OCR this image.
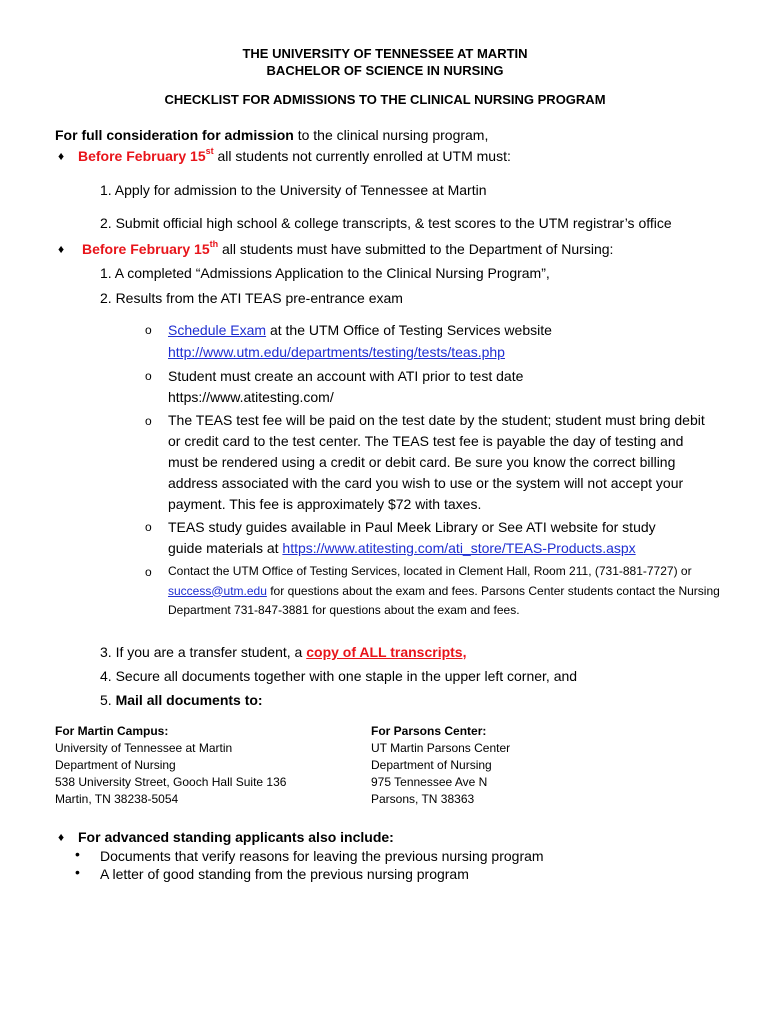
THE UNIVERSITY OF TENNESSEE AT MARTIN
BACHELOR OF SCIENCE IN NURSING
CHECKLIST FOR ADMISSIONS TO THE CLINICAL NURSING PROGRAM
For full consideration for admission to the clinical nursing program,
♦ Before February 15st all students not currently enrolled at UTM must:
1. Apply for admission to the University of Tennessee at Martin
2. Submit official high school & college transcripts, & test scores to the UTM registrar’s office
♦ Before February 15th all students must have submitted to the Department of Nursing:
1. A completed “Admissions Application to the Clinical Nursing Program”,
2. Results from the ATI TEAS pre-entrance exam
o Schedule Exam at the UTM Office of Testing Services website
http://www.utm.edu/departments/testing/tests/teas.php
o Student must create an account with ATI prior to test date
https://www.atitesting.com/
o The TEAS test fee will be paid on the test date by the student; student must bring debit or credit card to the test center. The TEAS test fee is payable the day of testing and must be rendered using a credit or debit card. Be sure you know the correct billing address associated with the card you wish to use or the system will not accept your payment. This fee is approximately $72 with taxes.
o TEAS study guides available in Paul Meek Library or See ATI website for study
guide materials at https://www.atitesting.com/ati_store/TEAS-Products.aspx
o Contact the UTM Office of Testing Services, located in Clement Hall, Room 211, (731-881-7727) or success@utm.edu for questions about the exam and fees. Parsons Center students contact the Nursing Department 731-847-3881 for questions about the exam and fees.
3. If you are a transfer student, a copy of ALL transcripts,
4. Secure all documents together with one staple in the upper left corner, and
5. Mail all documents to:
For Martin Campus:
University of Tennessee at Martin
Department of Nursing
538 University Street, Gooch Hall Suite 136
Martin, TN 38238-5054
For Parsons Center:
UT Martin Parsons Center
Department of Nursing
975 Tennessee Ave N
Parsons, TN 38363
♦ For advanced standing applicants also include:
• Documents that verify reasons for leaving the previous nursing program
• A letter of good standing from the previous nursing program
